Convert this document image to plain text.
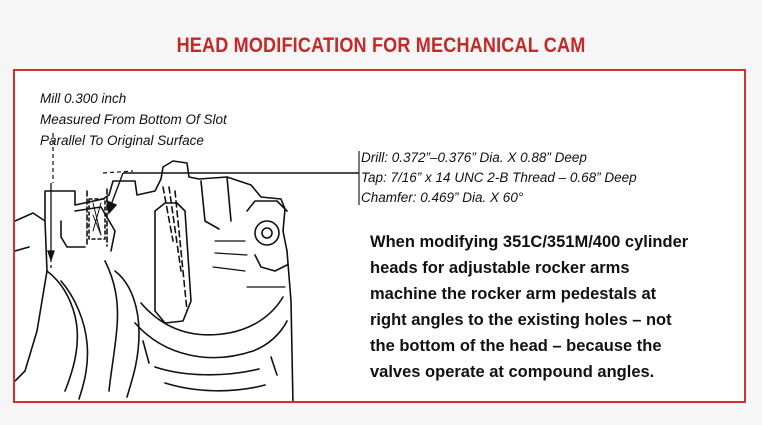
HEAD MODIFICATION FOR MECHANICAL CAM
Mill 0.300 inch
Measured From Bottom Of Slot
Parallel To Original Surface
Drill: 0.372”–0.376” Dia. X 0.88” Deep
Tap: 7/16” x 14 UNC 2-B Thread – 0.68” Deep
Chamfer: 0.469” Dia. X 60°
When modifying 351C/351M/400 cylinder
heads for adjustable rocker arms
machine the rocker arm pedestals at
right angles to the existing holes – not
the bottom of the head – because the
valves operate at compound angles.
